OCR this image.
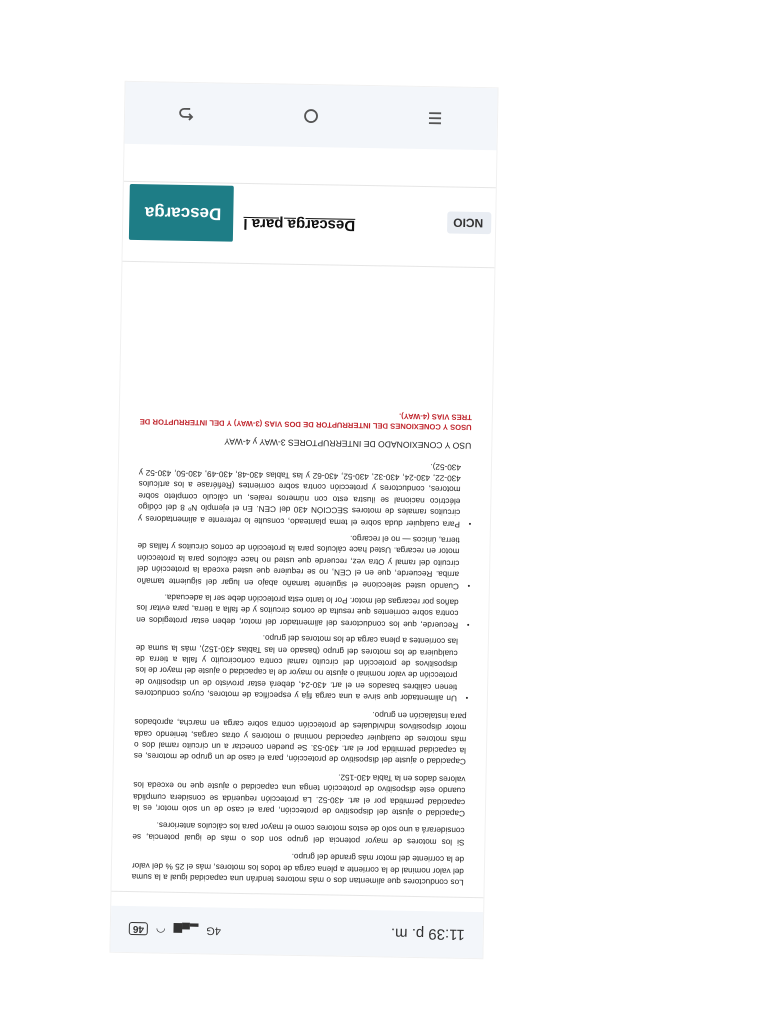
11:39 p. m.
4G
▂▄▆
◠
46

Los conductores que alimentan dos o más motores tendrán una capacidad igual a la suma del valor nominal de la corriente a plena carga de todos los motores, más el 25 % del valor de la corriente del motor más grande del grupo.

Si los motores de mayor potencia del grupo son dos o más de igual potencia, se considerará a uno solo de estos motores como el mayor para los cálculos anteriores.

Capacidad o ajuste del dispositivo de protección, para el caso de un solo motor, es la capacidad permitida por el art. 430-52. La protección requerida se considera cumplida cuando este dispositivo de protección tenga una capacidad o ajuste que no exceda los valores dados en la Tabla 430-152.

Capacidad o ajuste del dispositivo de protección, para el caso de un grupo de motores, es la capacidad permitida por el art. 430-53. Se pueden conectar a un circuito ramal dos o más motores de cualquier capacidad nominal o motores y otras cargas, teniendo cada motor dispositivos individuales de protección contra sobre carga en marcha, aprobados para instalación en grupo.

• Un alimentador que sirve a una carga fija y específica de motores, cuyos conductores tienen calibres basados en el art. 430-24, deberá estar provisto de un dispositivo de protección de valor nominal o ajuste no mayor de la capacidad o ajuste del mayor de los dispositivos de protección del circuito ramal contra cortocircuito y falla a tierra de cualquiera de los motores del grupo (basado en las Tablas 430-152), más la suma de las corrientes a plena carga de los motores del grupo.
• Recuerde, que los conductores del alimentador del motor, deben estar protegidos en contra sobre corrientes que resulta de cortos circuitos y de falla a tierra, para evitar los daños por recargas del motor. Por lo tanto esta protección debe ser la adecuada.
• Cuando usted seleccione el siguiente tamaño abajo en lugar del siguiente tamaño arriba. Recuerde, que en el CEN, no se requiere que usted exceda la protección del circuito del ramal y Otra vez, recuerde que usted no hace cálculos para la protección motor en recarga. Usted hace cálculos para la protección de cortos circuitos y fallas de tierra, únicos — no el recargo.
• Para cualquier duda sobre el tema planteado, consulte lo referente a alimentadores y circuitos ramales de motores SECCIÓN 430 del CEN. En el ejemplo Nº 8 del código eléctrico nacional se ilustra esto con números reales, un cálculo completo sobre motores, conductores y protección contra sobre corrientes (Refiérase a los artículos 430-22, 430-24, 430-32, 430-52, 430-62 y las Tablas 430-48, 430-49, 430-50, 430-52 y 430-52).

USO Y CONEXIONADO DE INTERRUPTORES 3-WAY y 4-WAY

USOS Y CONEXIONES DEL INTERRUPTOR DE DOS VIAS (3-WAY) Y DEL INTERRUPTOR DE TRES VIAS (4-WAY).

NCIO
Descarga para l
Descarga
